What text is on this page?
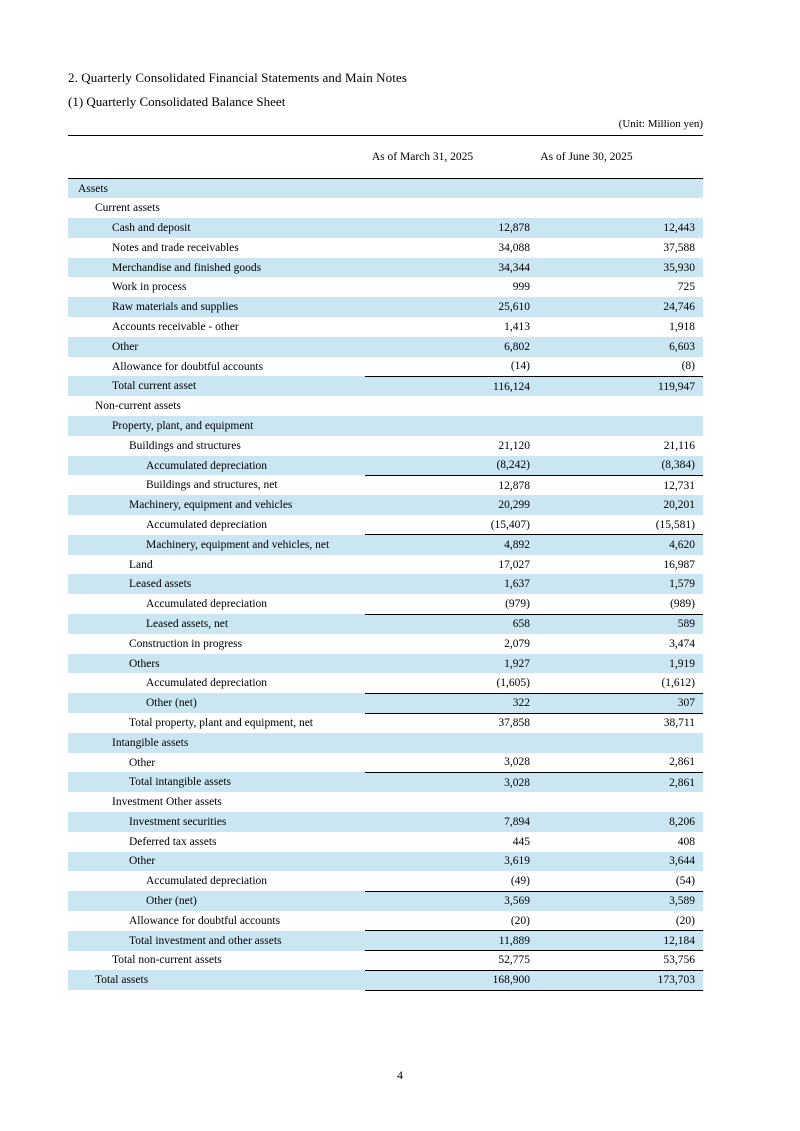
2. Quarterly Consolidated Financial Statements and Main Notes
(1) Quarterly Consolidated Balance Sheet
(Unit: Million yen)
	As of March 31, 2025	As of June 30, 2025
Assets		
Current assets		
Cash and deposit	12,878	12,443
Notes and trade receivables	34,088	37,588
Merchandise and finished goods	34,344	35,930
Work in process	999	725
Raw materials and supplies	25,610	24,746
Accounts receivable - other	1,413	1,918
Other	6,802	6,603
Allowance for doubtful accounts	(14)	(8)
Total current asset	116,124	119,947
Non-current assets		
Property, plant, and equipment		
Buildings and structures	21,120	21,116
Accumulated depreciation	(8,242)	(8,384)
Buildings and structures, net	12,878	12,731
Machinery, equipment and vehicles	20,299	20,201
Accumulated depreciation	(15,407)	(15,581)
Machinery, equipment and vehicles, net	4,892	4,620
Land	17,027	16,987
Leased assets	1,637	1,579
Accumulated depreciation	(979)	(989)
Leased assets, net	658	589
Construction in progress	2,079	3,474
Others	1,927	1,919
Accumulated depreciation	(1,605)	(1,612)
Other (net)	322	307
Total property, plant and equipment, net	37,858	38,711
Intangible assets		
Other	3,028	2,861
Total intangible assets	3,028	2,861
Investment Other assets		
Investment securities	7,894	8,206
Deferred tax assets	445	408
Other	3,619	3,644
Accumulated depreciation	(49)	(54)
Other (net)	3,569	3,589
Allowance for doubtful accounts	(20)	(20)
Total investment and other assets	11,889	12,184
Total non-current assets	52,775	53,756
Total assets	168,900	173,703
4
